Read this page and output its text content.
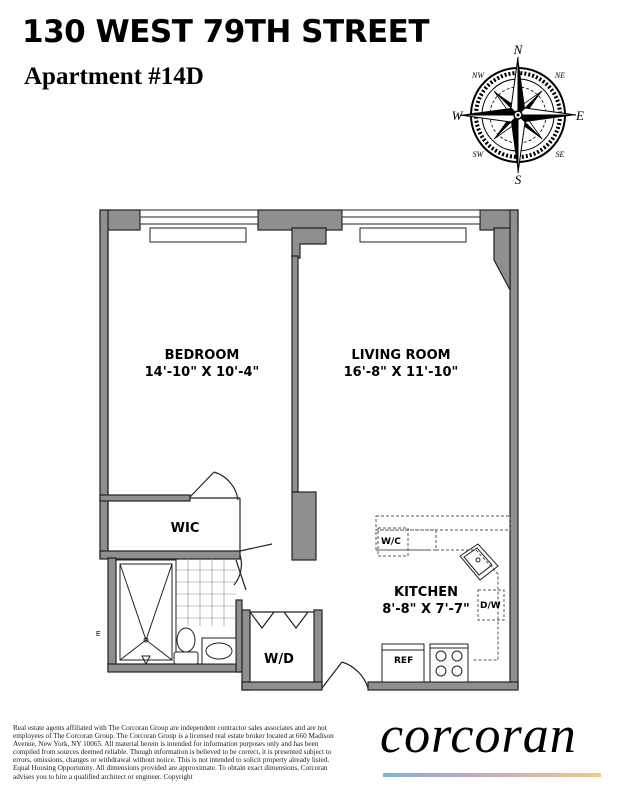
130 WEST 79TH STREET
Apartment #14D
N
S
E
W
NW	NE
SW	SE
BEDROOM
14'-10" X 10'-4"
LIVING ROOM
16'-8" X 11'-10"
KITCHEN
8'-8" X 7'-7"
WIC
W/D
W/C
D/W
REF
E

Real estate agents affiliated with The Corcoran Group are independent contractor sales associates and are not employees of The Corcoran Group. The Corcoran Group is a licensed real estate broker located at 660 Madison Avenue, New York, NY 10065. All material herein is intended for information purposes only and has been compiled from sources deemed reliable. Though information is believed to be correct, it is presented subject to errors, omissions, changes or withdrawal without notice. This is not intended to solicit property already listed. Equal Housing Opportunity. All dimensions provided are approximate. To obtain exact dimensions, Corcoran advises you to hire a qualified architect or engineer. Copyright

corcoran
